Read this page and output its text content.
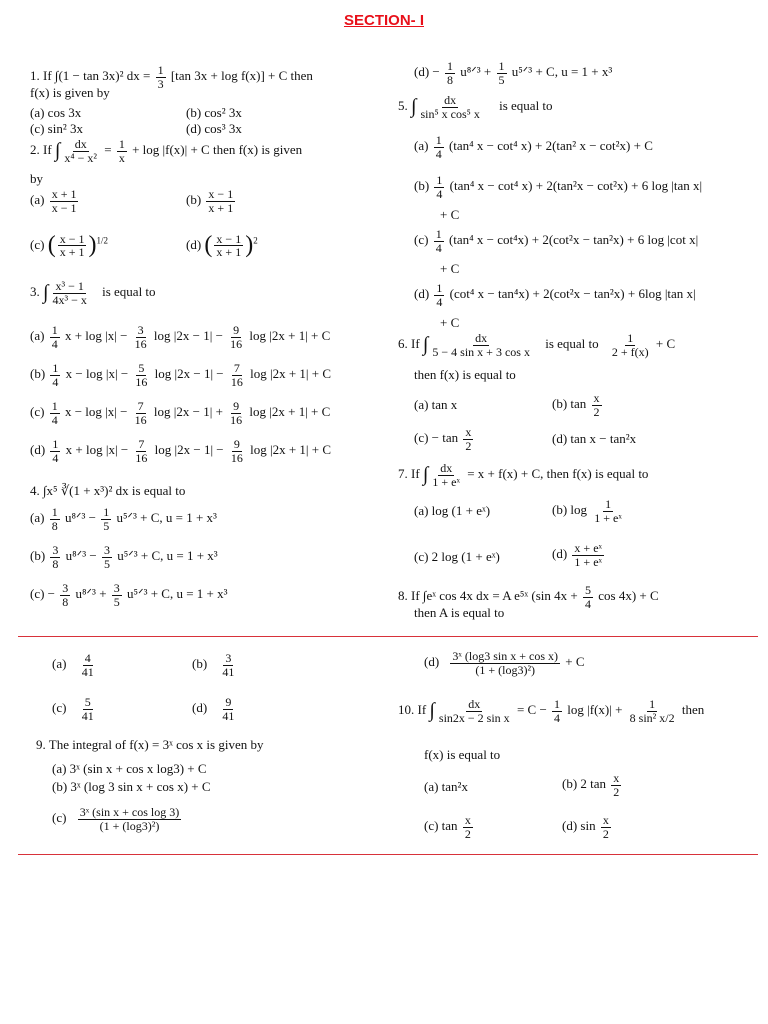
SECTION- I
1. If ∫(1 − tan 3x)² dx = $\frac{1}{3} [\tan$ 3x + log f(x)] + C then
f(x) is given by
(a) cos 3x	(b) cos² 3x
(c) sin² 3x	(d) cos³ 3x
2. If ∫ $\frac{dx}{\text{x⁴ − x²}} = \frac{1}{x} + \log |f(x)| + C$ then f(x) is given
by
$(a) \frac{x + 1}{x - 1}$	$(b) \frac{x - 1}{x + 1}$
(c) ( $\frac{x - 1}{x + 1} )^{1/2}$	(d) ( $\frac{x - 1}{x + 1} )^2$
3. ∫ $\frac{\text{x³ − 1}}{\text{4x³ − x}}$ is equal to
$(a) \frac{1}{4}$ $x + \log |x| - \frac{3}{16}$ $\log |2x - 1| - \frac{9}{16}$ log |2x + 1| + C
$(b) \frac{1}{4}$ $x - \log |x| - \frac{5}{16}$ $\log |2x - 1| - \frac{7}{16}$ log |2x + 1| + C
$(c) \frac{1}{4}$ $x - \log |x| - \frac{7}{16}$ $\log |2x - 1| + \frac{9}{16}$ log |2x + 1| + C
$(d) \frac{1}{4}$ $x + \log |x| - \frac{7}{16}$ $\log |2x - 1| - \frac{9}{16}$ log |2x + 1| + C
4. ∫x⁵ ∛(1 + x³)² dx is equal to
$(a) \frac{1}{8}$ u⁸ᐟ³ − $\frac{1}{5}$ u⁵ᐟ³ + C, u = 1 + x³
$(b) \frac{3}{8}$ u⁸ᐟ³ − $\frac{3}{5}$ u⁵ᐟ³ + C, u = 1 + x³
$(c) - \frac{3}{8}$ u⁸ᐟ³ + $\frac{3}{5}$ u⁵ᐟ³ + C, u = 1 + x³
$(d) - \frac{1}{8}$ u⁸ᐟ³ + $\frac{1}{5}$ u⁵ᐟ³ + C, u = 1 + x³
5. ∫ $\frac{dx}{\text{sin⁵ x cos⁵ x}}$ is equal to
$(a) \frac{1}{4} (\tan^4$ x − cot⁴ x) + 2(tan² x − cot²x) + C
$(b) \frac{1}{4} (\tan^4$ x − cot⁴ x) + 2(tan²x − cot²x) + 6 log |tan x|
+ C
$(c) \frac{1}{4} (\tan^4$ x − cot⁴x) + 2(cot²x − tan²x) + 6 log |cot x|
+ C
$(d) \frac{1}{4} (\cot^4$ x − tan⁴x) + 2(cot²x − tan²x) + 6log |tan x|
+ C
6. If ∫ $\frac{dx}{\text{5 − 4 sin x + 3 cos x}}$ is equal to $\frac{1}{2 + f(x)} + C$
then f(x) is equal to
(a) tan x	(b) $\tan \frac{x}{2}$
$(c) - \tan \frac{x}{2}$	(d) tan x − tan²x
7. If ∫ $\frac{dx}{\text{1 + eˣ}} = x + f(x) + C$, then f(x) is equal to
(a) log (1 + eˣ)	(b) $\log \frac{1}{\text{1 + eˣ}}$
(c) 2 log (1 + eˣ)	$(d) \frac{\text{x + eˣ}}{\text{1 + eˣ}}$
8. If ∫eˣ cos 4x dx = A e⁵ˣ (sin $4x + \frac{5}{4}$ cos 4x) + C
then A is equal to
$(a) \frac{4}{41}$	$(b) \frac{3}{41}$
$(c) \frac{5}{41}$	$(d) \frac{9}{41}$
9. The integral of f(x) = 3ˣ cos x is given by
(a) 3ˣ (sin x + cos x log3) + C
(b) 3ˣ (log 3 sin x + cos x) + C
$(c) \frac{\text{3ˣ (sin x + cos log 3)}}{\text{(1 + (log3)²)}}$
$(d) \frac{\text{3ˣ (log3 sin x + cos x)}}{\text{(1 + (log3)²)}} + C$
10. If ∫ $\frac{dx}{\text{sin2x − 2 sin x}} = C - \frac{1}{4}$ $\log |f(x)| + \frac{1}{\text{8 sin² x/2}}$ then
f(x) is equal to
(a) tan²x	(b) 2 $\tan \frac{x}{2}$
(c) $\tan \frac{x}{2}$	(d) $\sin \frac{x}{2}$
